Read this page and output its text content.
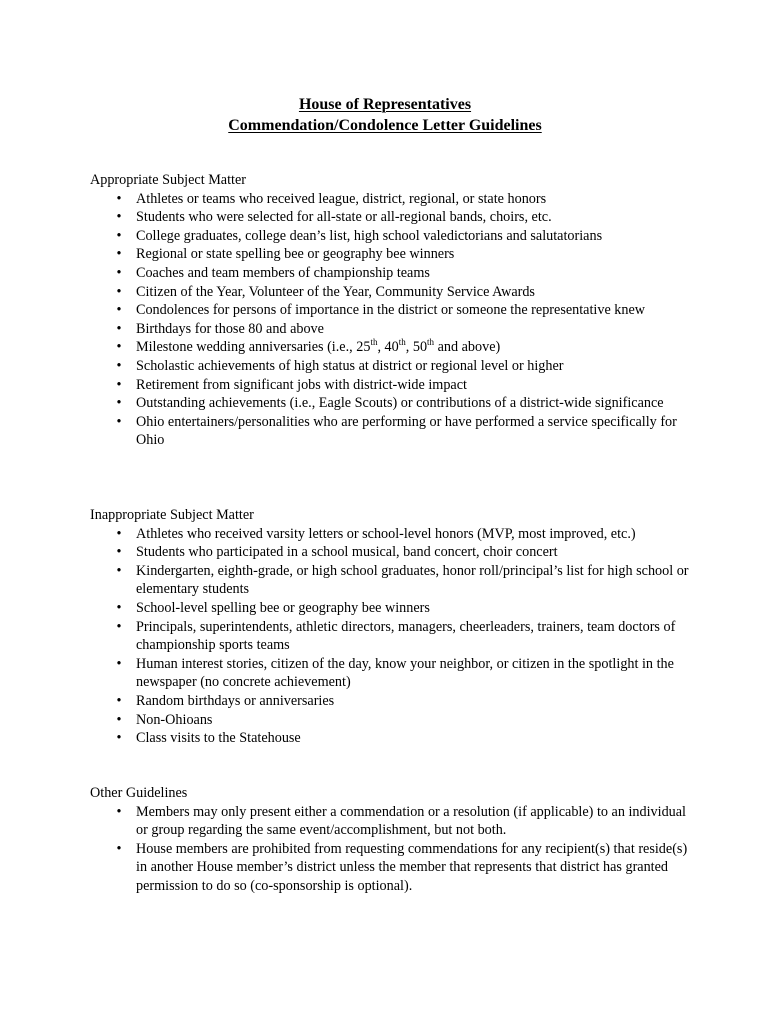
House of Representatives
Commendation/Condolence Letter Guidelines

Appropriate Subject Matter

• Athletes or teams who received league, district, regional, or state honors
• Students who were selected for all-state or all-regional bands, choirs, etc.
• College graduates, college dean’s list, high school valedictorians and salutatorians
• Regional or state spelling bee or geography bee winners
• Coaches and team members of championship teams
• Citizen of the Year, Volunteer of the Year, Community Service Awards
• Condolences for persons of importance in the district or someone the representative knew
• Birthdays for those 80 and above
• Milestone wedding anniversaries (i.e., 25th, 40th, 50th and above)
• Scholastic achievements of high status at district or regional level or higher
• Retirement from significant jobs with district-wide impact
• Outstanding achievements (i.e., Eagle Scouts) or contributions of a district-wide significance
• Ohio entertainers/personalities who are performing or have performed a service specifically for Ohio

Inappropriate Subject Matter

• Athletes who received varsity letters or school-level honors (MVP, most improved, etc.)
• Students who participated in a school musical, band concert, choir concert
• Kindergarten, eighth-grade, or high school graduates, honor roll/principal’s list for high school or elementary students
• School-level spelling bee or geography bee winners
• Principals, superintendents, athletic directors, managers, cheerleaders, trainers, team doctors of championship sports teams
• Human interest stories, citizen of the day, know your neighbor, or citizen in the spotlight in the newspaper (no concrete achievement)
• Random birthdays or anniversaries
• Non-Ohioans
• Class visits to the Statehouse

Other Guidelines

• Members may only present either a commendation or a resolution (if applicable) to an individual or group regarding the same event/accomplishment, but not both.
• House members are prohibited from requesting commendations for any recipient(s) that reside(s) in another House member’s district unless the member that represents that district has granted permission to do so (co-sponsorship is optional).
